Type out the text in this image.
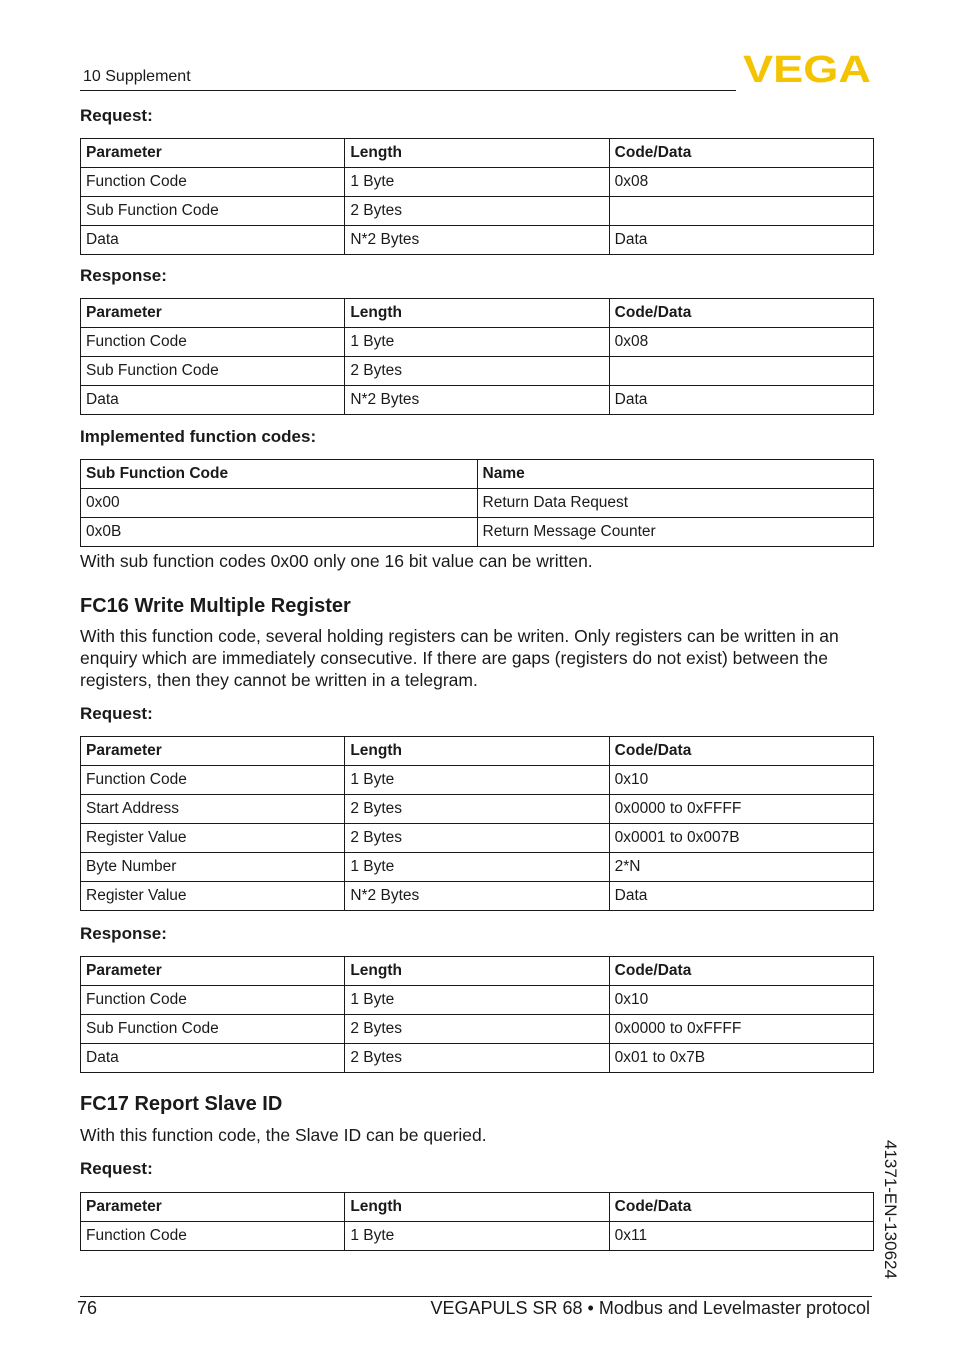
10 Supplement	VEGA
Request:
Parameter	Length	Code/Data
Function Code	1 Byte	0x08
Sub Function Code	2 Bytes	
Data	N*2 Bytes	Data
Response:
Parameter	Length	Code/Data
Function Code	1 Byte	0x08
Sub Function Code	2 Bytes	
Data	N*2 Bytes	Data
Implemented function codes:
Sub Function Code	Name
0x00	Return Data Request
0x0B	Return Message Counter
With sub function codes 0x00 only one 16 bit value can be written.
FC16 Write Multiple Register
With this function code, several holding registers can be writen. Only registers can be written in an enquiry which are immediately consecutive. If there are gaps (registers do not exist) between the registers, then they cannot be written in a telegram.
Request:
Parameter	Length	Code/Data
Function Code	1 Byte	0x10
Start Address	2 Bytes	0x0000 to 0xFFFF
Register Value	2 Bytes	0x0001 to 0x007B
Byte Number	1 Byte	2*N
Register Value	N*2 Bytes	Data
Response:
Parameter	Length	Code/Data
Function Code	1 Byte	0x10
Sub Function Code	2 Bytes	0x0000 to 0xFFFF
Data	2 Bytes	0x01 to 0x7B
FC17 Report Slave ID
With this function code, the Slave ID can be queried.
Request:
Parameter	Length	Code/Data
Function Code	1 Byte	0x11	41371-EN-130624
76	VEGAPULS SR 68 • Modbus and Levelmaster protocol
